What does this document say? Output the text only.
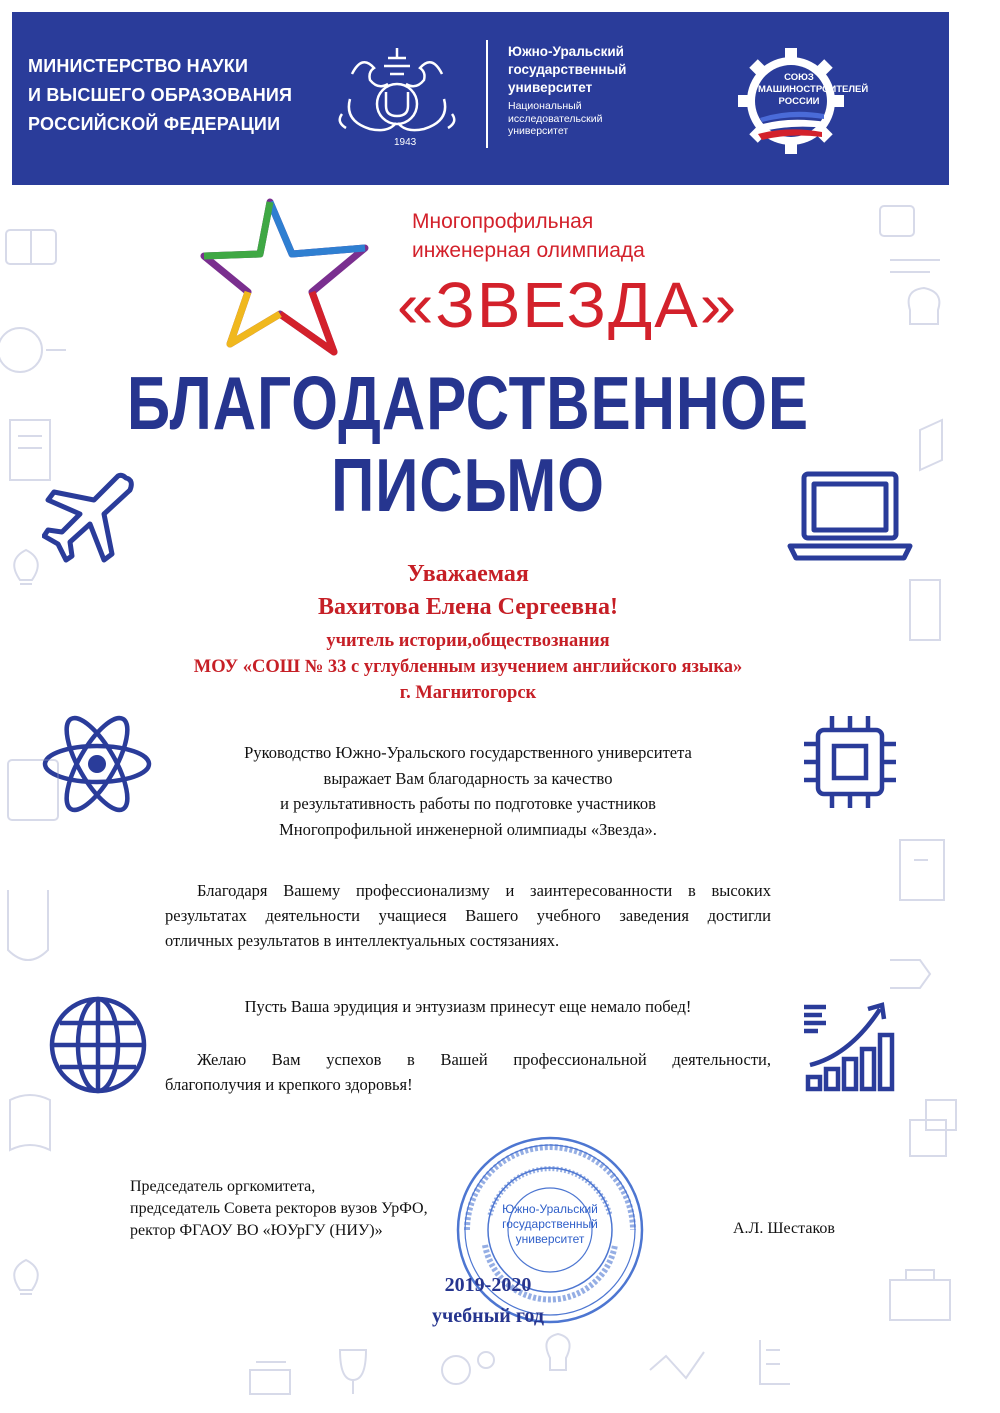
МИНИСТЕРСТВО НАУКИ
И ВЫСШЕГО ОБРАЗОВАНИЯ
РОССИЙСКОЙ ФЕДЕРАЦИИ
1943
Южно-Уральский
государственный
университет
Национальный
исследовательский
университет
СОЮЗ
МАШИНОСТРОИТЕЛЕЙ
РОССИИ
Многопрофильная
инженерная олимпиада
«ЗВЕЗДА»
БЛАГОДАРСТВЕННОЕ
ПИСЬМО
Уважаемая
Вахитова Елена Сергеевна!
учитель истории,обществознания
МОУ «СОШ № 33 с углубленным изучением английского языка»
г. Магнитогорск
Руководство Южно-Уральского государственного университета
выражает Вам благодарность за качество
и результативность работы по подготовке участников
Многопрофильной инженерной олимпиады «Звезда».
Благодаря Вашему профессионализму и заинтересованности в высоких
результатах деятельности учащиеся Вашего учебного заведения достигли
отличных результатов в интеллектуальных состязаниях.
Пусть Ваша эрудиция и энтузиазм принесут еще немало побед!
Желаю Вам успехов в Вашей профессиональной деятельности,
благополучия и крепкого здоровья!
Председатель оргкомитета,
председатель Совета ректоров вузов УрФО,
ректор ФГАОУ ВО «ЮУрГУ (НИУ)»	А.Л. Шестаков
Южно-Уральский
государственный
университет
2019-2020
учебный год
